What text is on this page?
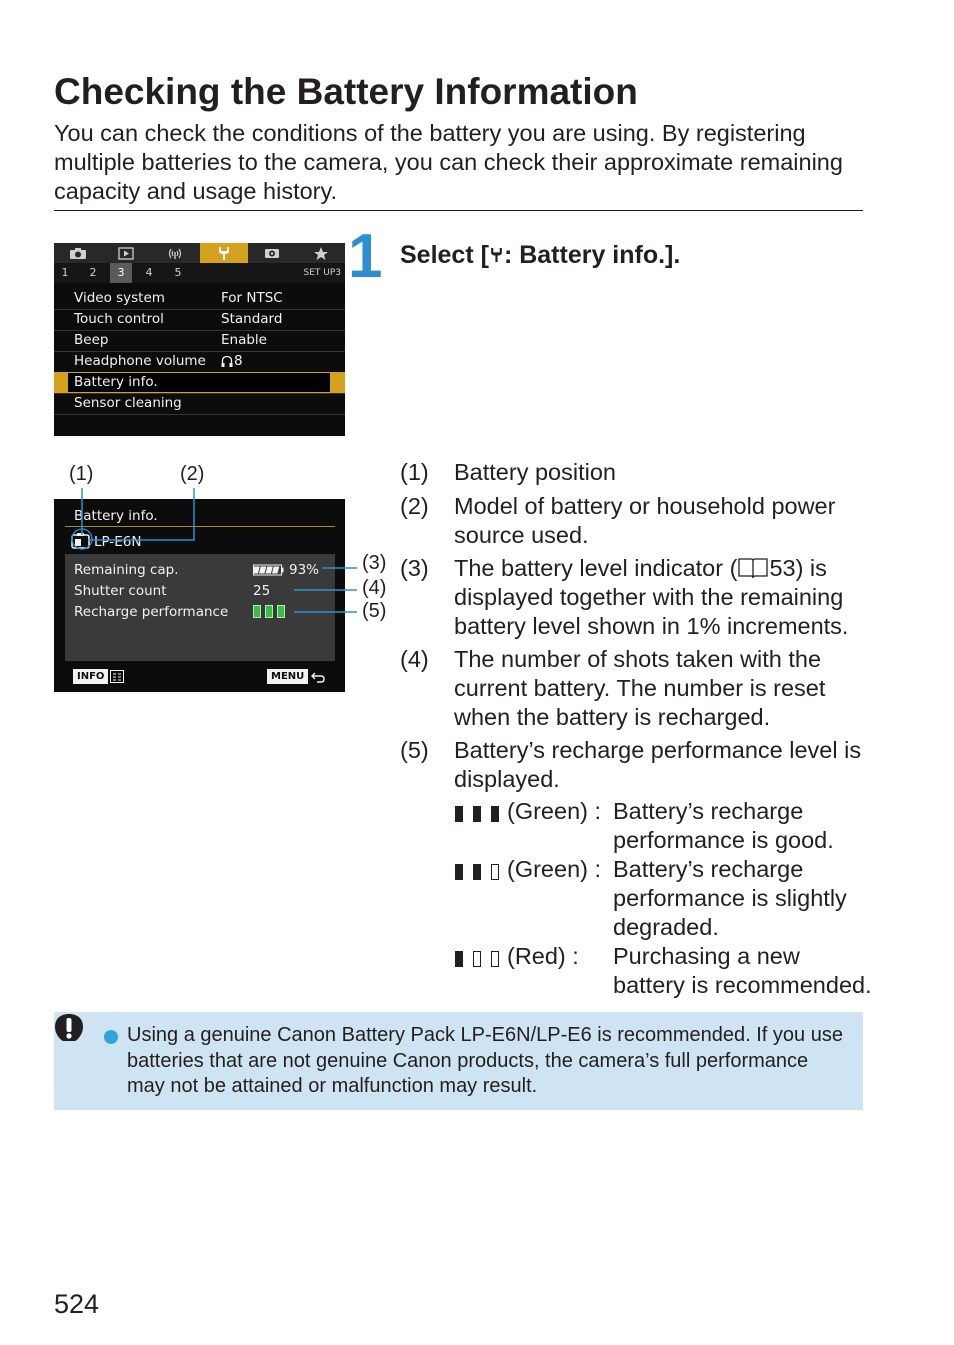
Checking the Battery Information

You can check the conditions of the battery you are using. By registering multiple batteries to the camera, you can check their approximate remaining capacity and usage history.

1	2	3	4	5	SET UP3
Video system	For NTSC
Touch control	Standard
Beep	Enable
Headphone volume 8
Battery info.
Sensor cleaning
(1)	(2)
(3)
(4)
(5)
Battery info.
LP-E6N
Remaining cap.	93%
Shutter count	25
Recharge performance
INFO	MENU
1 Select [ : Battery info.].
(1) Battery position
(2) Model of battery or household power source used.
(3) The battery level indicator ( 53) is displayed together with the remaining battery level shown in 1% increments.
(4) The number of shots taken with the current battery. The number is reset when the battery is recharged.
(5) Battery’s recharge performance level is displayed.
(Green) : Battery’s recharge performance is good.
(Green) : Battery’s recharge performance is slightly degraded.
(Red) : Purchasing a new battery is recommended.
Using a genuine Canon Battery Pack LP-E6N/LP-E6 is recommended. If you use batteries that are not genuine Canon products, the camera’s full performance may not be attained or malfunction may result.
524
